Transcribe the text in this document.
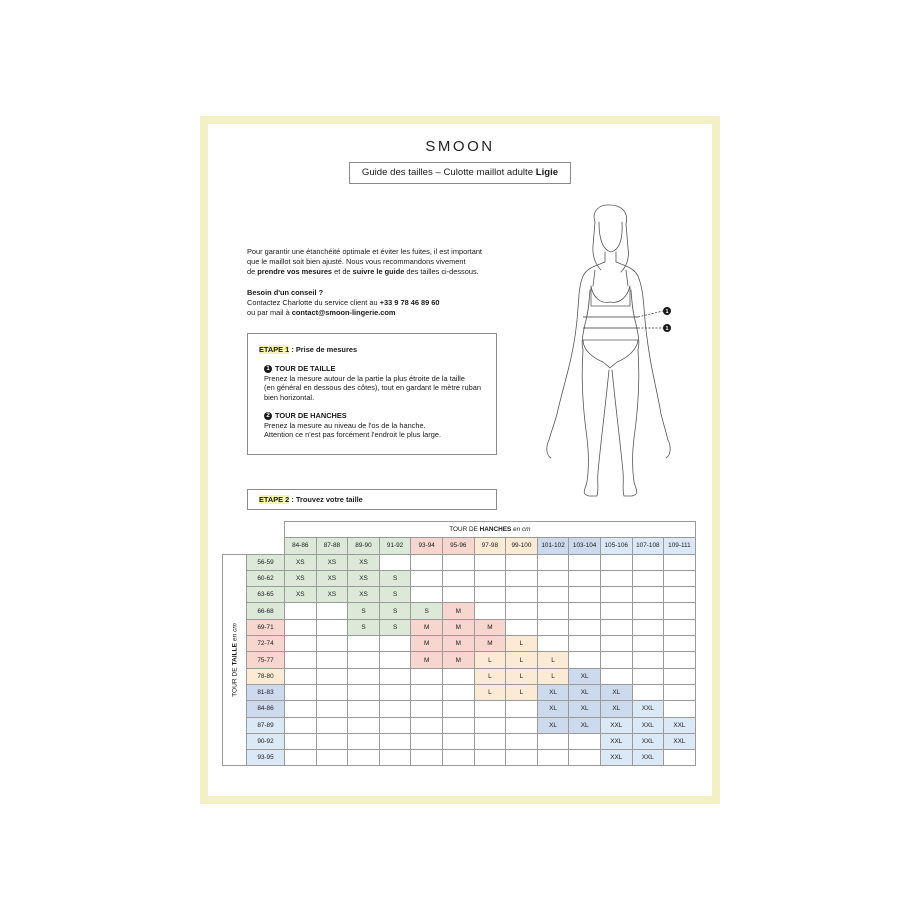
SMOON
Guide des tailles – Culotte maillot adulte Ligie
Pour garantir une étanchéité optimale et éviter les fuites, il est important
que le maillot soit bien ajusté. Nous vous recommandons vivement
de prendre vos mesures et de suivre le guide des tailles ci-dessous.
Besoin d'un conseil ?
Contactez Charlotte du service client au +33 9 78 46 89 60
ou par mail à contact@smoon-lingerie.com
ETAPE 1 : Prise de mesures
1 TOUR DE TAILLE
Prenez la mesure autour de la partie la plus étroite de la taille
(en général en dessous des côtes), tout en gardant le mètre ruban
bien horizontal.
2 TOUR DE HANCHES
Prenez la mesure au niveau de l'os de la hanche.
Attention ce n'est pas forcément l'endroit le plus large.
1
1
ETAPE 2 : Trouvez votre taille
		TOUR DE HANCHES en cm												
		84-86	87-88	89-90	91-92	93-94	95-96	97-98	99-100	101-102	103-104	105-106	107-108	109-111

TOUR DE TAILLE en cm	56-59	XS	XS	XS										
	60-62	XS	XS	XS	S									
	63-65	XS	XS	XS	S									
	66-68			S	S	S	M							
	69-71			S	S	M	M	M						
	72-74					M	M	M	L					
	75-77					M	M	L	L	L				
	78-80							L	L	L	XL			
	81-83							L	L	XL	XL	XL		
	84-86									XL	XL	XL	XXL	
	87-89									XL	XL	XXL	XXL	XXL
	90-92											XXL	XXL	XXL
	93-95											XXL	XXL	
